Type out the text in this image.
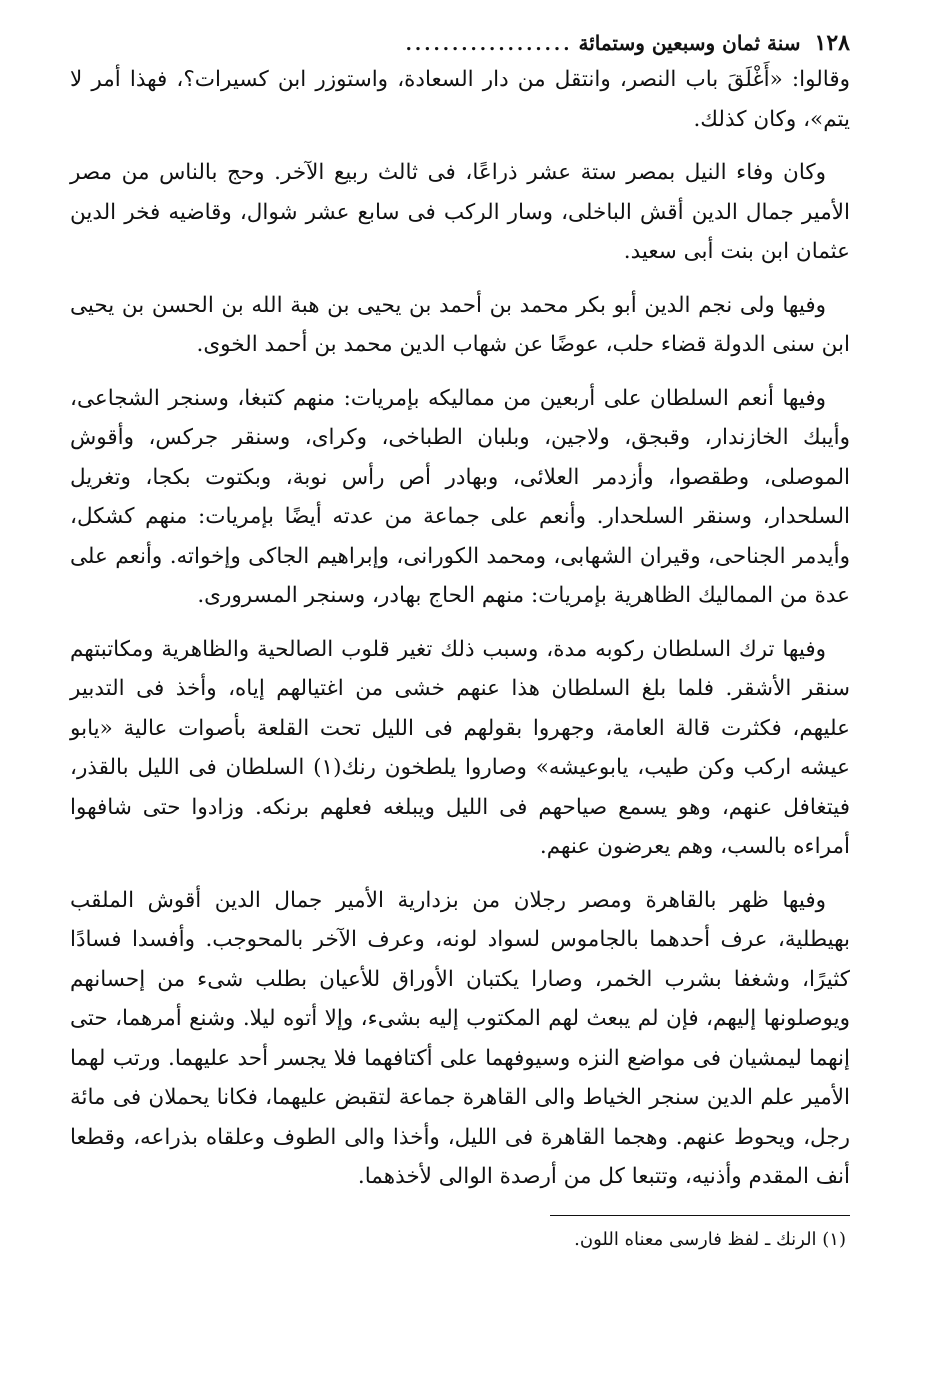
١٢٨
سنة ثمان وسبعين وستمائة
..................

وقالوا: «أَغْلَقَ باب النصر، وانتقل من دار السعادة، واستوزر ابن كسيرات؟، فهذا أمر لا يتم»، وكان كذلك.

وكان وفاء النيل بمصر ستة عشر ذراعًا، فى ثالث ربيع الآخر. وحج بالناس من مصر الأمير جمال الدين أقش الباخلى، وسار الركب فى سابع عشر شوال، وقاضيه فخر الدين عثمان ابن بنت أبى سعيد.

وفيها ولى نجم الدين أبو بكر محمد بن أحمد بن يحيى بن هبة الله بن الحسن بن يحيى ابن سنى الدولة قضاء حلب، عوضًا عن شهاب الدين محمد بن أحمد الخوى.

وفيها أنعم السلطان على أربعين من مماليكه بإمريات: منهم كتبغا، وسنجر الشجاعى، وأيبك الخازندار، وقبجق، ولاجين، وبلبان الطباخى، وكراى، وسنقر جركس، وأقوش الموصلى، وطقصوا، وأزدمر العلائى، وبهادر أص رأس نوبة، وبكتوت بكجا، وتغريل السلحدار، وسنقر السلحدار. وأنعم على جماعة من عدته أيضًا بإمريات: منهم كشكل، وأيدمر الجناحى، وقيران الشهابى، ومحمد الكورانى، وإبراهيم الجاكى وإخواته. وأنعم على عدة من المماليك الظاهرية بإمريات: منهم الحاج بهادر، وسنجر المسرورى.

وفيها ترك السلطان ركوبه مدة، وسبب ذلك تغير قلوب الصالحية والظاهرية ومكاتبتهم سنقر الأشقر. فلما بلغ السلطان هذا عنهم خشى من اغتيالهم إياه، وأخذ فى التدبير عليهم، فكثرت قالة العامة، وجهروا بقولهم فى الليل تحت القلعة بأصوات عالية «يابو عيشه اركب وكن طيب، يابوعيشه» وصاروا يلطخون رنك(١) السلطان فى الليل بالقذر، فيتغافل عنهم، وهو يسمع صياحهم فى الليل ويبلغه فعلهم برنكه. وزادوا حتى شافهوا أمراءه بالسب، وهم يعرضون عنهم.

وفيها ظهر بالقاهرة ومصر رجلان من بزدارية الأمير جمال الدين أقوش الملقب بهيطلية، عرف أحدهما بالجاموس لسواد لونه، وعرف الآخر بالمحوجب. وأفسدا فسادًا كثيرًا، وشغفا بشرب الخمر، وصارا يكتبان الأوراق للأعيان بطلب شىء من إحسانهم ويوصلونها إليهم، فإن لم يبعث لهم المكتوب إليه بشىء، وإلا أتوه ليلا. وشنع أمرهما، حتى إنهما ليمشيان فى مواضع النزه وسيوفهما على أكتافهما فلا يجسر أحد عليهما. ورتب لهما الأمير علم الدين سنجر الخياط والى القاهرة جماعة لتقبض عليهما، فكانا يحملان فى مائة رجل، ويحوط عنهم. وهجما القاهرة فى الليل، وأخذا والى الطوف وعلقاه بذراعه، وقطعا أنف المقدم وأذنيه، وتتبعا كل من أرصدة الوالى لأخذهما.

(١) الرنك ـ لفظ فارسى معناه اللون.
